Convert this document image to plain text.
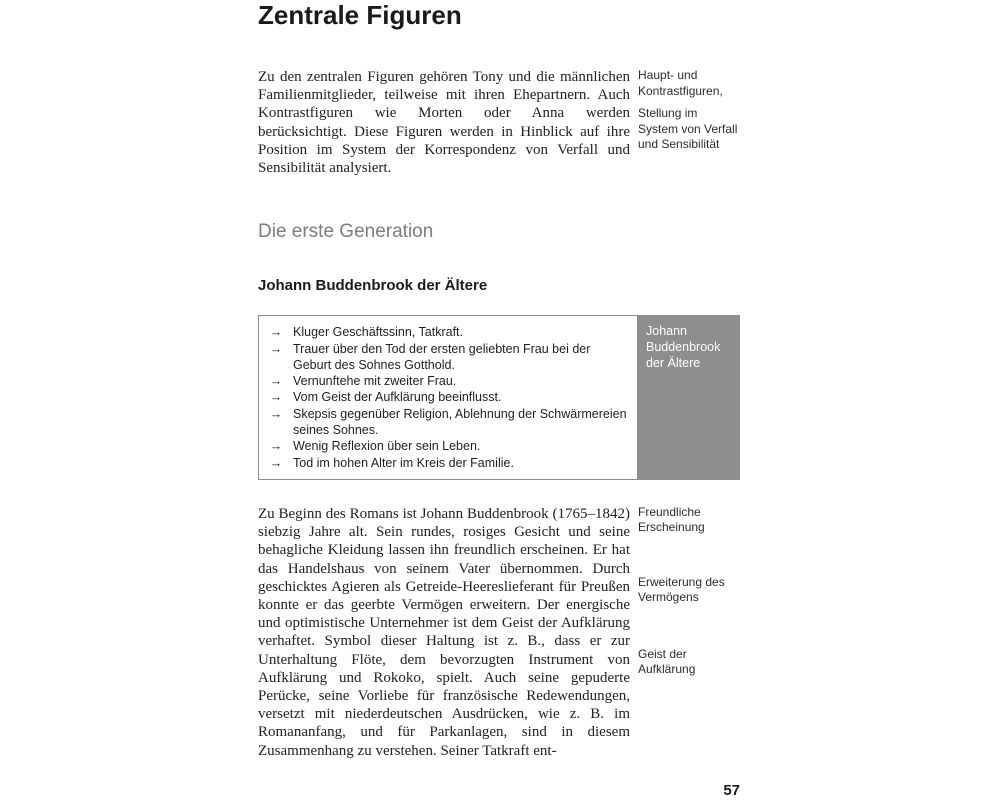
Zentrale Figuren

Zu den zentralen Figuren gehören Tony und die männlichen Familienmitglieder, teilweise mit ihren Ehepartnern. Auch Kontrastfiguren wie Morten oder Anna werden berücksichtigt. Diese Figuren werden in Hinblick auf ihre Position im System der Korrespondenz von Verfall und Sensibilität analysiert.

Haupt- und Kontrastfiguren,

Stellung im System von Verfall und Sensibilität

Die erste Generation
Johann Buddenbrook der Ältere
→ Kluger Geschäftssinn, Tatkraft.
→ Trauer über den Tod der ersten geliebten Frau bei der Geburt des Sohnes Gotthold.
→ Vernunftehe mit zweiter Frau.
→ Vom Geist der Aufklärung beeinflusst.
→ Skepsis gegenüber Religion, Ablehnung der Schwärmereien seines Sohnes.
→ Wenig Reflexion über sein Leben.
→ Tod im hohen Alter im Kreis der Familie.
Johann Buddenbrook der Ältere

Zu Beginn des Romans ist Johann Buddenbrook (1765–1842) siebzig Jahre alt. Sein rundes, rosiges Gesicht und seine behagliche Kleidung lassen ihn freundlich erscheinen. Er hat das Handelshaus von seinem Vater übernommen. Durch geschicktes Agieren als Getreide-Heereslieferant für Preußen konnte er das geerbte Vermögen erweitern. Der energische und optimistische Unternehmer ist dem Geist der Aufklärung verhaftet. Symbol dieser Haltung ist z. B., dass er zur Unterhaltung Flöte, dem bevorzugten Instrument von Aufklärung und Rokoko, spielt. Auch seine gepuderte Perücke, seine Vorliebe für französische Redewendungen, versetzt mit niederdeutschen Ausdrücken, wie z. B. im Romananfang, und für Parkanlagen, sind in diesem Zusammenhang zu verstehen. Seiner Tatkraft ent-

Freundliche Erscheinung

Erweiterung des Vermögens

Geist der Aufklärung

57
